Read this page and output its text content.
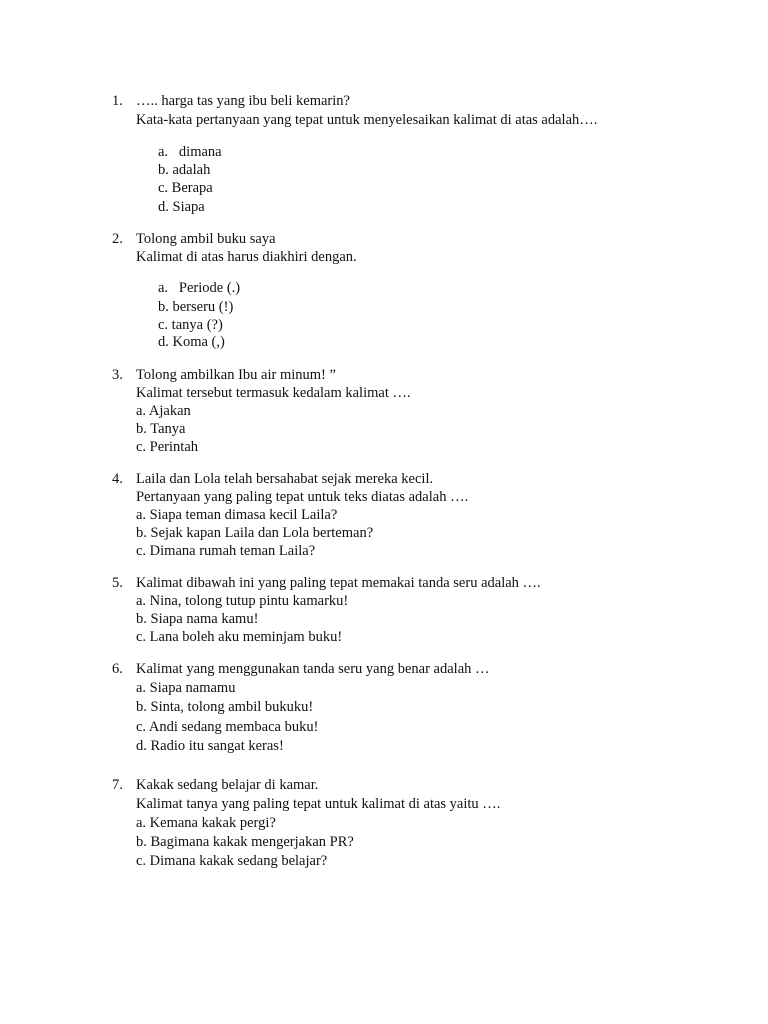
1. ….. harga tas yang ibu beli kemarin?
Kata-kata pertanyaan yang tepat untuk menyelesaikan kalimat di atas adalah….
a.   dimana
b. adalah
c. Berapa
d. Siapa
2. Tolong ambil buku saya
Kalimat di atas harus diakhiri dengan.
a.   Periode (.)
b. berseru (!)
c. tanya (?)
d. Koma (,)
3. Tolong ambilkan Ibu air minum! ”
Kalimat tersebut termasuk kedalam kalimat ….
a. Ajakan
b. Tanya
c. Perintah
4. Laila dan Lola telah bersahabat sejak mereka kecil.
Pertanyaan yang paling tepat untuk teks diatas adalah ….
a. Siapa teman dimasa kecil Laila?
b. Sejak kapan Laila dan Lola berteman?
c. Dimana rumah teman Laila?
5. Kalimat dibawah ini yang paling tepat memakai tanda seru adalah ….
a. Nina, tolong tutup pintu kamarku!
b. Siapa nama kamu!
c. Lana boleh aku meminjam buku!
6. Kalimat yang menggunakan tanda seru yang benar adalah …
a. Siapa namamu
b. Sinta, tolong ambil bukuku!
c. Andi sedang membaca buku!
d. Radio itu sangat keras!
7. Kakak sedang belajar di kamar.
Kalimat tanya yang paling tepat untuk kalimat di atas yaitu ….
a. Kemana kakak pergi?
b. Bagimana kakak mengerjakan PR?
c. Dimana kakak sedang belajar?
